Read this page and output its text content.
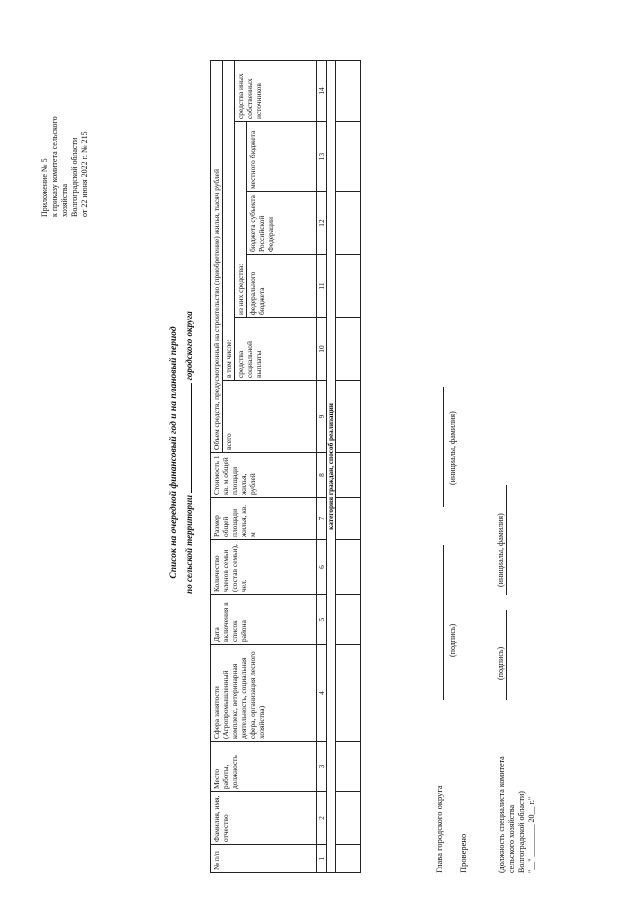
Приложение № 5 к приказу комитета сельского хозяйства Волгоградской области от 22 июня 2022 г. № 215
Список на очередной финансовый год и на плановый период по сельской территории  городского округа
№ п/п	Фамилия, имя, отчество	Место работы, должность	Сфера занятости (Агропромышленный комплекс, ветеринарная деятельность, социальная сфера, организация лесного хозяйства)	Дата включения в список района	Количество членов семьи (состав семьи), чел.	Размер общей площади жилья, кв. м	Стоимость 1 кв. м общей площади жилья, рублей	Объем средств, предусмотренный на строительство (приобретение) жилья, тысяч рублей					
								всего	в том числе:				
									средства социальной выплаты	из них средства:			средства иных собственных источников
										федерального бюджета	бюджета субъекта Российской Федерации	местного бюджета	
1	2	3	4	5	6	7	8	9	10	11	12	13	14
категория граждан, способ реализации													

Глава городского округа
(подпись)
(инициалы, фамилия)
Проверено	(должность специалиста комитета сельского хозяйства Волгоградской области) "__" ________ 20__ г."
(подпись)
(инициалы, фамилия)
